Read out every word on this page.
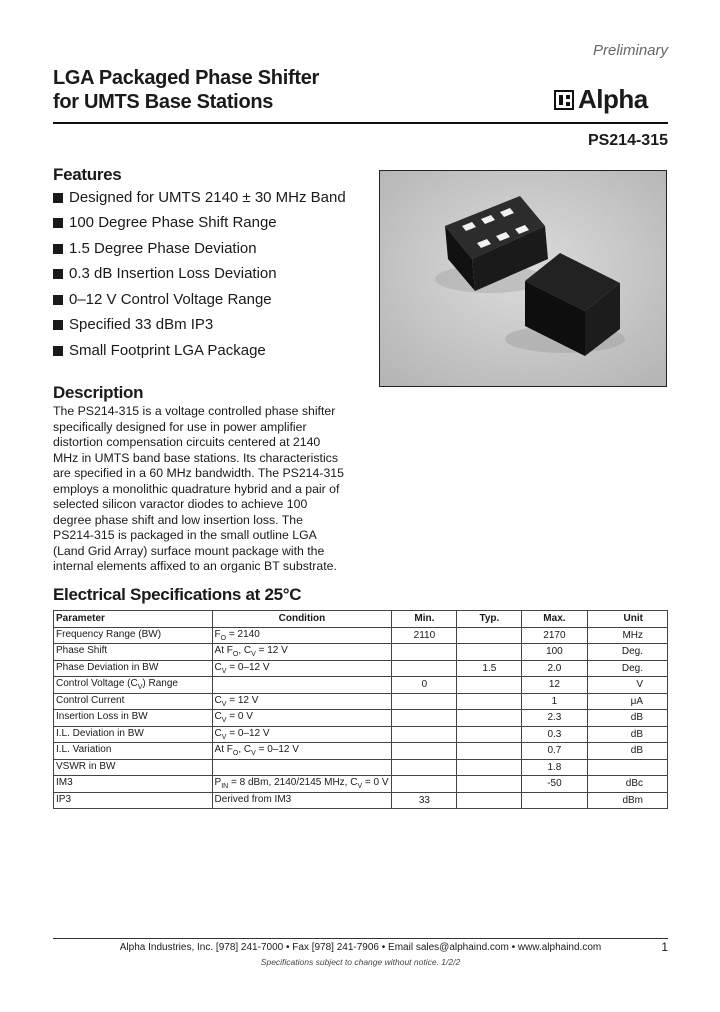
Preliminary
LGA Packaged Phase Shifter
for UMTS Base Stations	Alpha
PS214-315
Features
Designed for UMTS 2140 ± 30 MHz Band
100 Degree Phase Shift Range
1.5 Degree Phase Deviation
0.3 dB Insertion Loss Deviation
0–12 V Control Voltage Range
Specified 33 dBm IP3
Small Footprint LGA Package
Description

The PS214-315 is a voltage controlled phase shifter specifically designed for use in power amplifier distortion compensation circuits centered at 2140 MHz in UMTS band base stations. Its characteristics are specified in a 60 MHz bandwidth. The PS214-315 employs a monolithic quadrature hybrid and a pair of selected silicon varactor diodes to achieve 100 degree phase shift and low insertion loss. The PS214-315 is packaged in the small outline LGA (Land Grid Array) surface mount package with the internal elements affixed to an organic BT substrate.

Electrical Specifications at 25°C
Parameter	Condition	Min.	Typ.	Max.	Unit
Frequency Range (BW)	$F_O = 2140$	2110		2170	MHz
Phase Shift	At $F_O$, $C_V = 12$ V			100	Deg.
Phase Deviation in BW	$C_V = 0-12$ V		1.5	2.0	Deg.
Control Voltage $(C_V)$ Range		0		12	V
Control Current	$C_V = 12$ V			1	μA
Insertion Loss in BW	$C_V = 0$ V			2.3	dB
I.L. Deviation in BW	$C_V = 0-12$ V			0.3	dB
I.L. Variation	At $F_O$, $C_V = 0-12$ V			0.7	dB
VSWR in BW				1.8	
IM3	$P_{IN} = 8$ dBm, 2140/2145 MHz, $C_V = 0$ V			-50	dBc
IP3	Derived from IM3	33			dBm
Alpha Industries, Inc. [978] 241-7000 • Fax [978] 241-7906 • Email sales@alphaind.com • www.alphaind.com	1
Specifications subject to change without notice. 1/2/2
